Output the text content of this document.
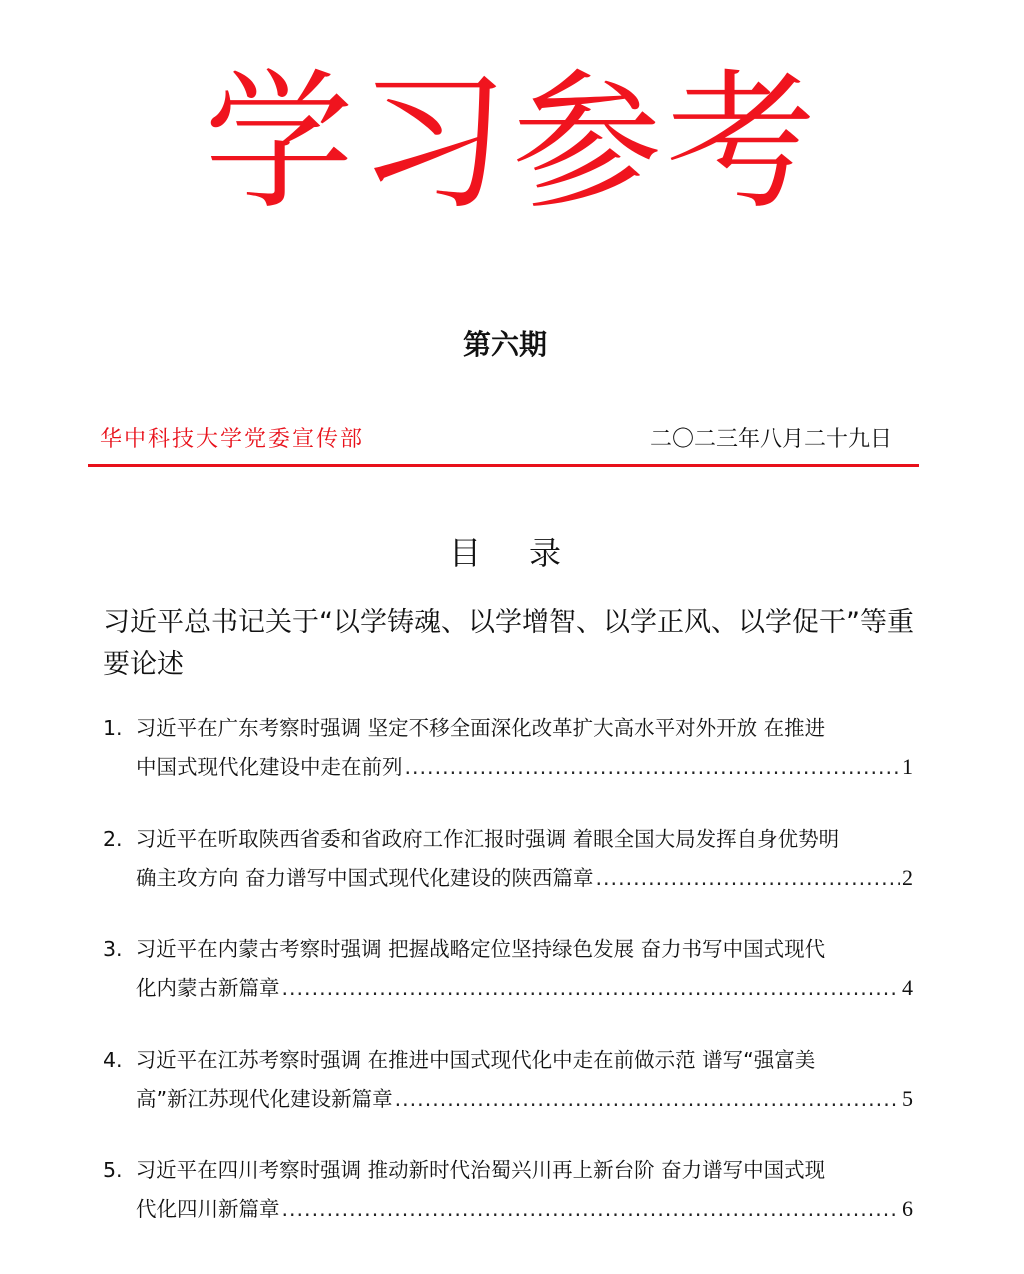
学习参考
第六期
华中科技大学党委宣传部	二〇二三年八月二十九日
目 录
习近平总书记关于“以学铸魂、以学增智、以学正风、以学促干”等重要论述
1. 习近平在广东考察时强调 坚定不移全面深化改革扩大高水平对外开放 在推进
中国式现代化建设中走在前列 .....	1
2. 习近平在听取陕西省委和省政府工作汇报时强调 着眼全国大局发挥自身优势明
确主攻方向 奋力谱写中国式现代化建设的陕西篇章 .....	2
3. 习近平在内蒙古考察时强调 把握战略定位坚持绿色发展 奋力书写中国式现代
化内蒙古新篇章 .....	4
4. 习近平在江苏考察时强调 在推进中国式现代化中走在前做示范 谱写“强富美
高”新江苏现代化建设新篇章 .....	5
5. 习近平在四川考察时强调 推动新时代治蜀兴川再上新台阶 奋力谱写中国式现
代化四川新篇章 .....	6
